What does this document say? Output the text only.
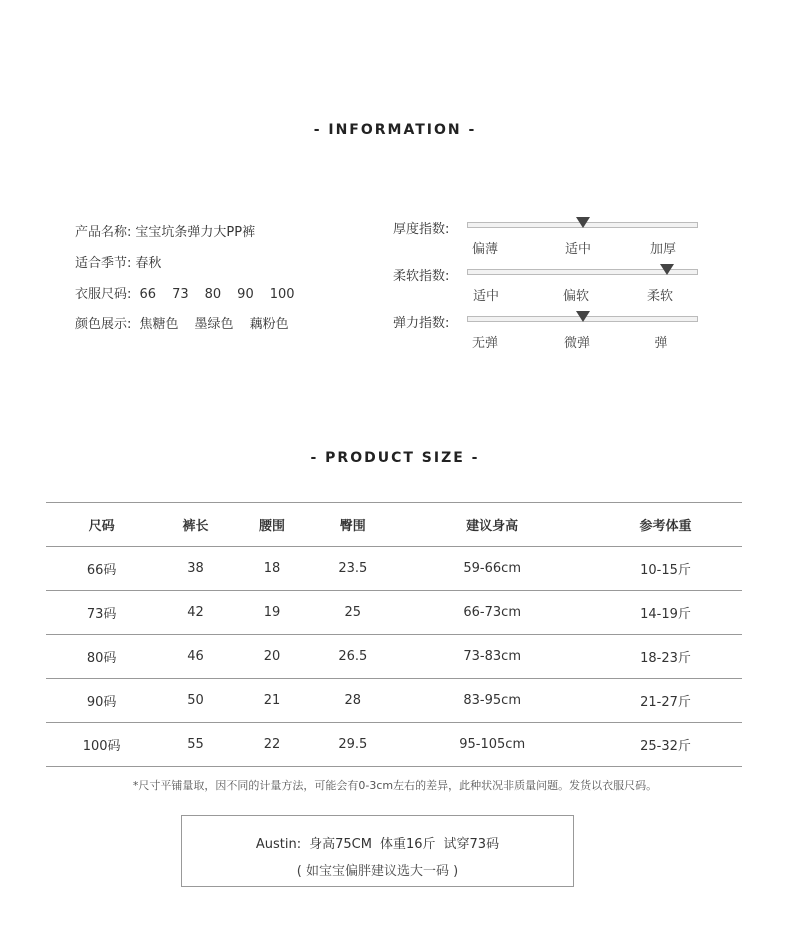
- INFORMATION -
产品名称: 宝宝坑条弹力大PP裤
适合季节: 春秋
衣服尺码: 66 73 80 90 100
颜色展示: 焦糖色 墨绿色 藕粉色
厚度指数:
偏薄	适中	加厚
柔软指数:
适中	偏软	柔软
弹力指数:
无弹	微弹	弹
- PRODUCT SIZE -
尺码	裤长	腰围	臀围	建议身高	参考体重
66码	38	18	23.5	59-66cm	10-15斤
73码	42	19	25	66-73cm	14-19斤
80码	46	20	26.5	73-83cm	18-23斤
90码	50	21	28	83-95cm	21-27斤
100码	55	22	29.5	95-105cm	25-32斤
*尺寸平铺量取，因不同的计量方法，可能会有0-3cm左右的差异，此种状况非质量问题。发货以衣服尺码。
Austin: 身高75CM 体重16斤 试穿73码
( 如宝宝偏胖建议选大一码 )
